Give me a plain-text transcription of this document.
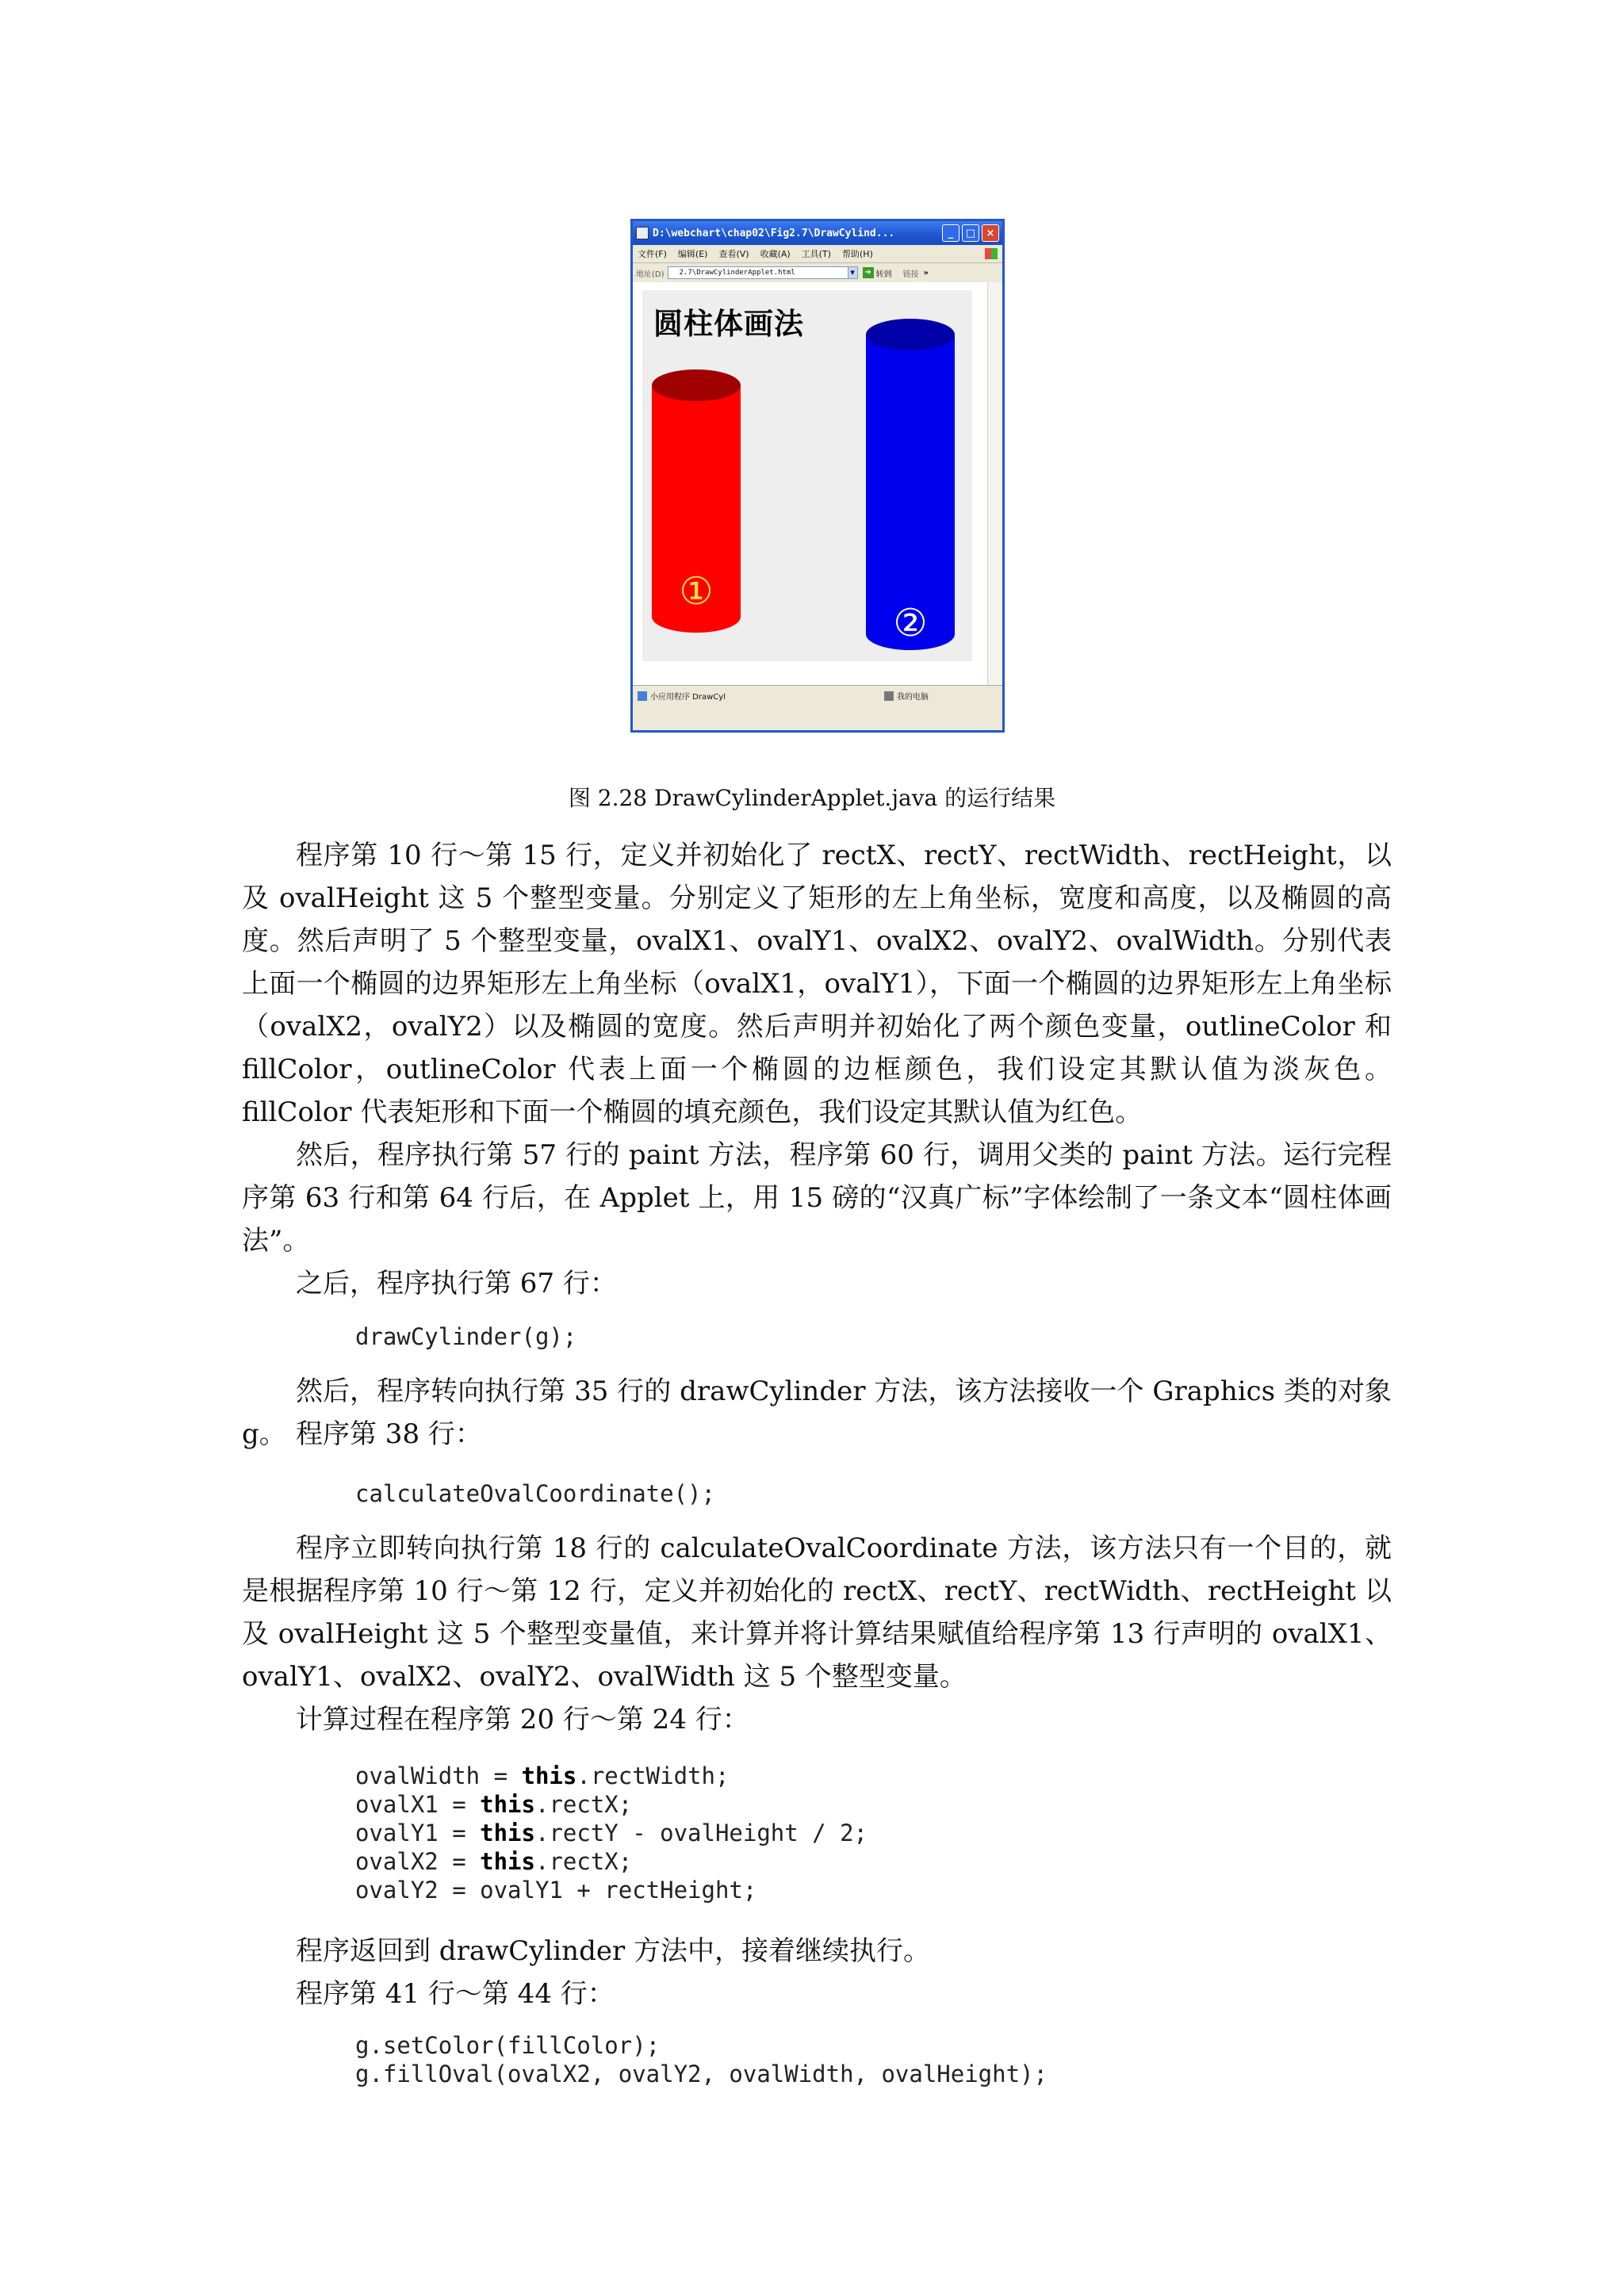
D:\webchart\chap02\Fig2.7\DrawCylind...	_	□	×
文件(F) 编辑(E) 查看(V) 收藏(A) 工具(T) 帮助(H)
地址(D)	2.7\DrawCylinderApplet.html	▼	➔ 转到 链接 »
圆柱体画法
①
②
小应用程序 DrawCyl	我的电脑
图 2.28 DrawCylinderApplet.java 的运行结果

程序第 10 行～第 15 行，定义并初始化了 rectX、rectY、rectWidth、rectHeight，以及 ovalHeight 这 5 个整型变量。分别定义了矩形的左上角坐标，宽度和高度，以及椭圆的高度。然后声明了 5 个整型变量，ovalX1、ovalY1、ovalX2、ovalY2、ovalWidth。分别代表上面一个椭圆的边界矩形左上角坐标（ovalX1，ovalY1），下面一个椭圆的边界矩形左上角坐标（ovalX2，ovalY2）以及椭圆的宽度。然后声明并初始化了两个颜色变量，outlineColor 和 fillColor，outlineColor 代表上面一个椭圆的边框颜色，我们设定其默认值为淡灰色。fillColor 代表矩形和下面一个椭圆的填充颜色，我们设定其默认值为红色。

然后，程序执行第 57 行的 paint 方法，程序第 60 行，调用父类的 paint 方法。运行完程序第 63 行和第 64 行后，在 Applet 上，用 15 磅的“汉真广标”字体绘制了一条文本“圆柱体画法”。

之后，程序执行第 67 行：

drawCylinder(g);

然后，程序转向执行第 35 行的 drawCylinder 方法，该方法接收一个 Graphics 类的对象 g。 程序第 38 行：

calculateOvalCoordinate();

程序立即转向执行第 18 行的 calculateOvalCoordinate 方法，该方法只有一个目的，就是根据程序第 10 行～第 12 行，定义并初始化的 rectX、rectY、rectWidth、rectHeight 以及 ovalHeight 这 5 个整型变量值，来计算并将计算结果赋值给程序第 13 行声明的 ovalX1、ovalY1、ovalX2、ovalY2、ovalWidth 这 5 个整型变量。

计算过程在程序第 20 行～第 24 行：

ovalWidth = this.rectWidth;
ovalX1 = this.rectX;
ovalY1 = this.rectY - ovalHeight / 2;
ovalX2 = this.rectX;
ovalY2 = ovalY1 + rectHeight;

程序返回到 drawCylinder 方法中，接着继续执行。

程序第 41 行～第 44 行：

g.setColor(fillColor);
g.fillOval(ovalX2, ovalY2, ovalWidth, ovalHeight);
